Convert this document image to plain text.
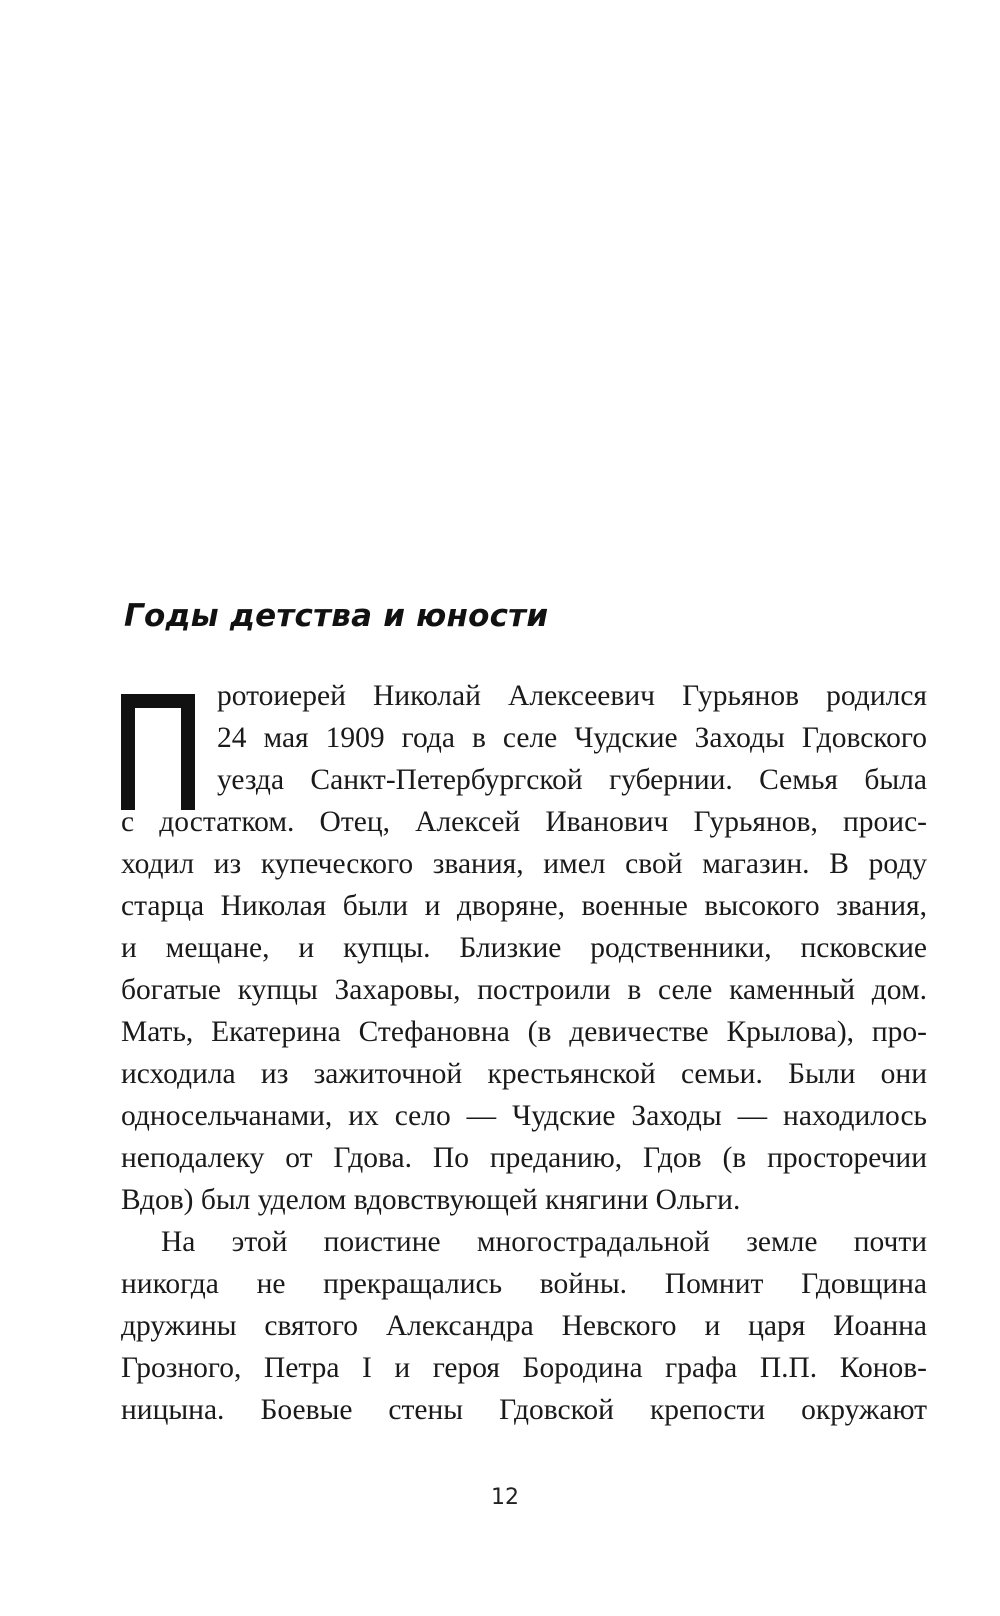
Годы детства и юности
ротоиерей Николай Алексеевич Гурьянов родился
24 мая 1909 года в селе Чудские Заходы Гдовского
уезда Санкт-Петербургской губернии. Семья была
с достатком. Отец, Алексей Иванович Гурьянов, проис-
ходил из купеческого звания, имел свой магазин. В роду
старца Николая были и дворяне, военные высокого звания,
и мещане, и купцы. Близкие родственники, псковские
богатые купцы Захаровы, построили в селе каменный дом.
Мать, Екатерина Стефановна (в девичестве Крылова), про-
исходила из зажиточной крестьянской семьи. Были они
односельчанами, их село — Чудские Заходы — находилось
неподалеку от Гдова. По преданию, Гдов (в просторечии
Вдов) был уделом вдовствующей княгини Ольги.
На этой поистине многострадальной земле почти
никогда не прекращались войны. Помнит Гдовщина
дружины святого Александра Невского и царя Иоанна
Грозного, Петра I и героя Бородина графа П.П. Конов-
ницына. Боевые стены Гдовской крепости окружают
12
